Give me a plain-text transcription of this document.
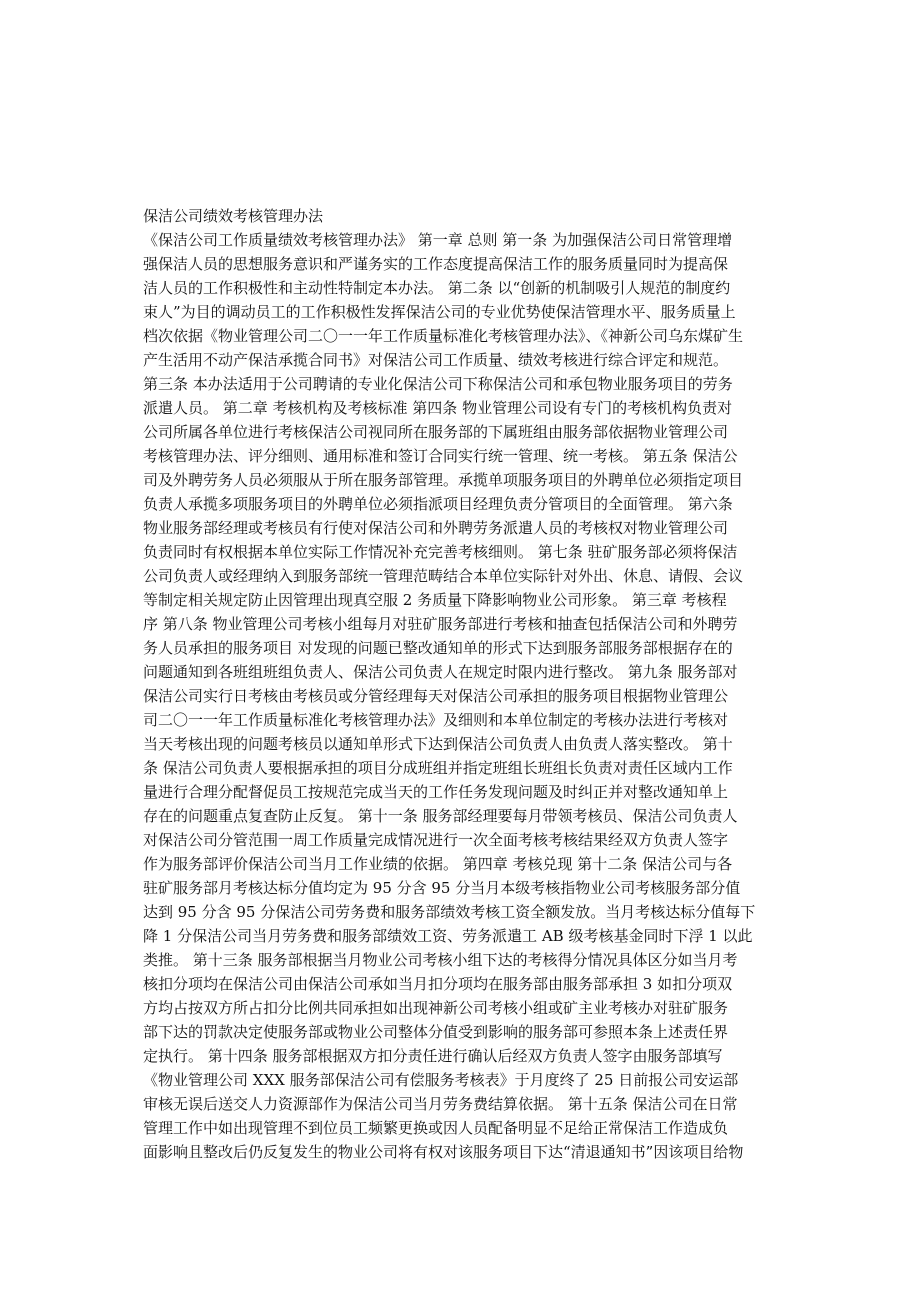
保洁公司绩效考核管理办法
《保洁公司工作质量绩效考核管理办法》 第一章 总则 第一条 为加强保洁公司日常管理增
强保洁人员的思想服务意识和严谨务实的工作态度提高保洁工作的服务质量同时为提高保
洁人员的工作积极性和主动性特制定本办法。 第二条 以“创新的机制吸引人规范的制度约
束人”为目的调动员工的工作积极性发挥保洁公司的专业优势使保洁管理水平、服务质量上
档次依据《物业管理公司二〇一一年工作质量标准化考核管理办法》、《神新公司乌东煤矿生
产生活用不动产保洁承揽合同书》对保洁公司工作质量、绩效考核进行综合评定和规范。
第三条 本办法适用于公司聘请的专业化保洁公司下称保洁公司和承包物业服务项目的劳务
派遣人员。 第二章 考核机构及考核标准 第四条 物业管理公司设有专门的考核机构负责对
公司所属各单位进行考核保洁公司视同所在服务部的下属班组由服务部依据物业管理公司
考核管理办法、评分细则、通用标准和签订合同实行统一管理、统一考核。 第五条 保洁公
司及外聘劳务人员必须服从于所在服务部管理。承揽单项服务项目的外聘单位必须指定项目
负责人承揽多项服务项目的外聘单位必须指派项目经理负责分管项目的全面管理。 第六条
物业服务部经理或考核员有行使对保洁公司和外聘劳务派遣人员的考核权对物业管理公司
负责同时有权根据本单位实际工作情况补充完善考核细则。 第七条 驻矿服务部必须将保洁
公司负责人或经理纳入到服务部统一管理范畴结合本单位实际针对外出、休息、请假、会议
等制定相关规定防止因管理出现真空服 2 务质量下降影响物业公司形象。 第三章 考核程
序 第八条 物业管理公司考核小组每月对驻矿服务部进行考核和抽查包括保洁公司和外聘劳
务人员承担的服务项目 对发现的问题已整改通知单的形式下达到服务部服务部根据存在的
问题通知到各班组班组负责人、保洁公司负责人在规定时限内进行整改。 第九条 服务部对
保洁公司实行日考核由考核员或分管经理每天对保洁公司承担的服务项目根据物业管理公
司二〇一一年工作质量标准化考核管理办法》及细则和本单位制定的考核办法进行考核对
当天考核出现的问题考核员以通知单形式下达到保洁公司负责人由负责人落实整改。 第十
条 保洁公司负责人要根据承担的项目分成班组并指定班组长班组长负责对责任区域内工作
量进行合理分配督促员工按规范完成当天的工作任务发现问题及时纠正并对整改通知单上
存在的问题重点复查防止反复。 第十一条 服务部经理要每月带领考核员、保洁公司负责人
对保洁公司分管范围一周工作质量完成情况进行一次全面考核考核结果经双方负责人签字
作为服务部评价保洁公司当月工作业绩的依据。 第四章 考核兑现 第十二条 保洁公司与各
驻矿服务部月考核达标分值均定为 95 分含 95 分当月本级考核指物业公司考核服务部分值
达到 95 分含 95 分保洁公司劳务费和服务部绩效考核工资全额发放。当月考核达标分值每下
降 1 分保洁公司当月劳务费和服务部绩效工资、劳务派遣工 AB 级考核基金同时下浮 1 以此
类推。 第十三条 服务部根据当月物业公司考核小组下达的考核得分情况具体区分如当月考
核扣分项均在保洁公司由保洁公司承如当月扣分项均在服务部由服务部承担 3 如扣分项双
方均占按双方所占扣分比例共同承担如出现神新公司考核小组或矿主业考核办对驻矿服务
部下达的罚款决定使服务部或物业公司整体分值受到影响的服务部可参照本条上述责任界
定执行。 第十四条 服务部根据双方扣分责任进行确认后经双方负责人签字由服务部填写
《物业管理公司 XXX 服务部保洁公司有偿服务考核表》于月度终了 25 日前报公司安运部
审核无误后送交人力资源部作为保洁公司当月劳务费结算依据。 第十五条 保洁公司在日常
管理工作中如出现管理不到位员工频繁更换或因人员配备明显不足给正常保洁工作造成负
面影响且整改后仍反复发生的物业公司将有权对该服务项目下达“清退通知书”因该项目给物
